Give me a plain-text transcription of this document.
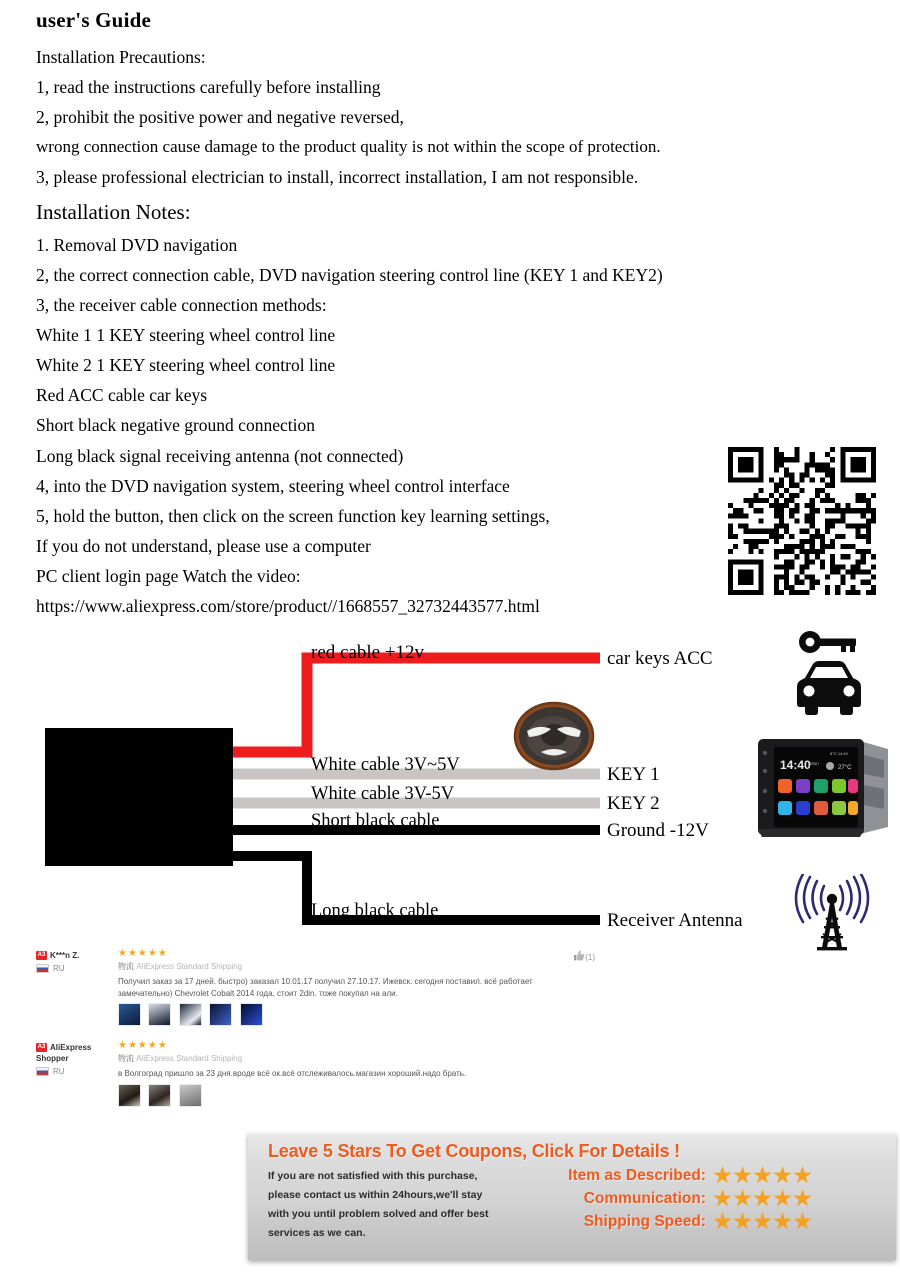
user's Guide

Installation Precautions:

1, read the instructions carefully before installing

2, prohibit the positive power and negative reversed,

wrong connection cause damage to the product quality is not within the scope of protection.

3, please professional electrician to install, incorrect installation, I am not responsible.

Installation Notes:

1. Removal DVD navigation

2, the correct connection cable, DVD navigation steering control line (KEY 1 and KEY2)

3, the receiver cable connection methods:

White 1 1 KEY steering wheel control line

White 2 1 KEY steering wheel control line

Red ACC cable car keys

Short black negative ground connection

Long black signal receiving antenna (not connected)

4, into the DVD navigation system, steering wheel control interface

5, hold the button, then click on the screen function key learning settings,

If you do not understand, please use a computer

PC client login page Watch the video:

https://www.aliexpress.com/store/product//1668557_32732443577.html

red cable +12v
White cable 3V~5V
White cable 3V-5V
Short black cable
Long black cable
car keys ACC
KEY 1
KEY 2
Ground -12V
Receiver Antenna
14:40 Mon
8°C 14:40
27°C
A3 K***n Z.
RU
★★★★★
物流 AliExpress Standard Shipping
Получил заказ за 17 дней. быстро) заказал 10.01.17 получил 27.10.17. Ижевск. сегодня поставил. всё работает замечательно) Chevrolet Cobalt 2014 года. стоит 2din. тоже покупал на али.

(1)
A3 AliExpress Shopper
RU
★★★★★
物流 AliExpress Standard Shipping
в Волгоград пришло за 23 дня.вроде всё ок.всё отслеживалось.магазин хороший.надо брать.

Leave 5 Stars To Get Coupons, Click For Details !

If you are not satisfied with this purchase,

please contact us within 24hours,we'll stay

with you until problem solved and offer best

services as we can.

Item as Described:
Communication:
Shipping Speed:
